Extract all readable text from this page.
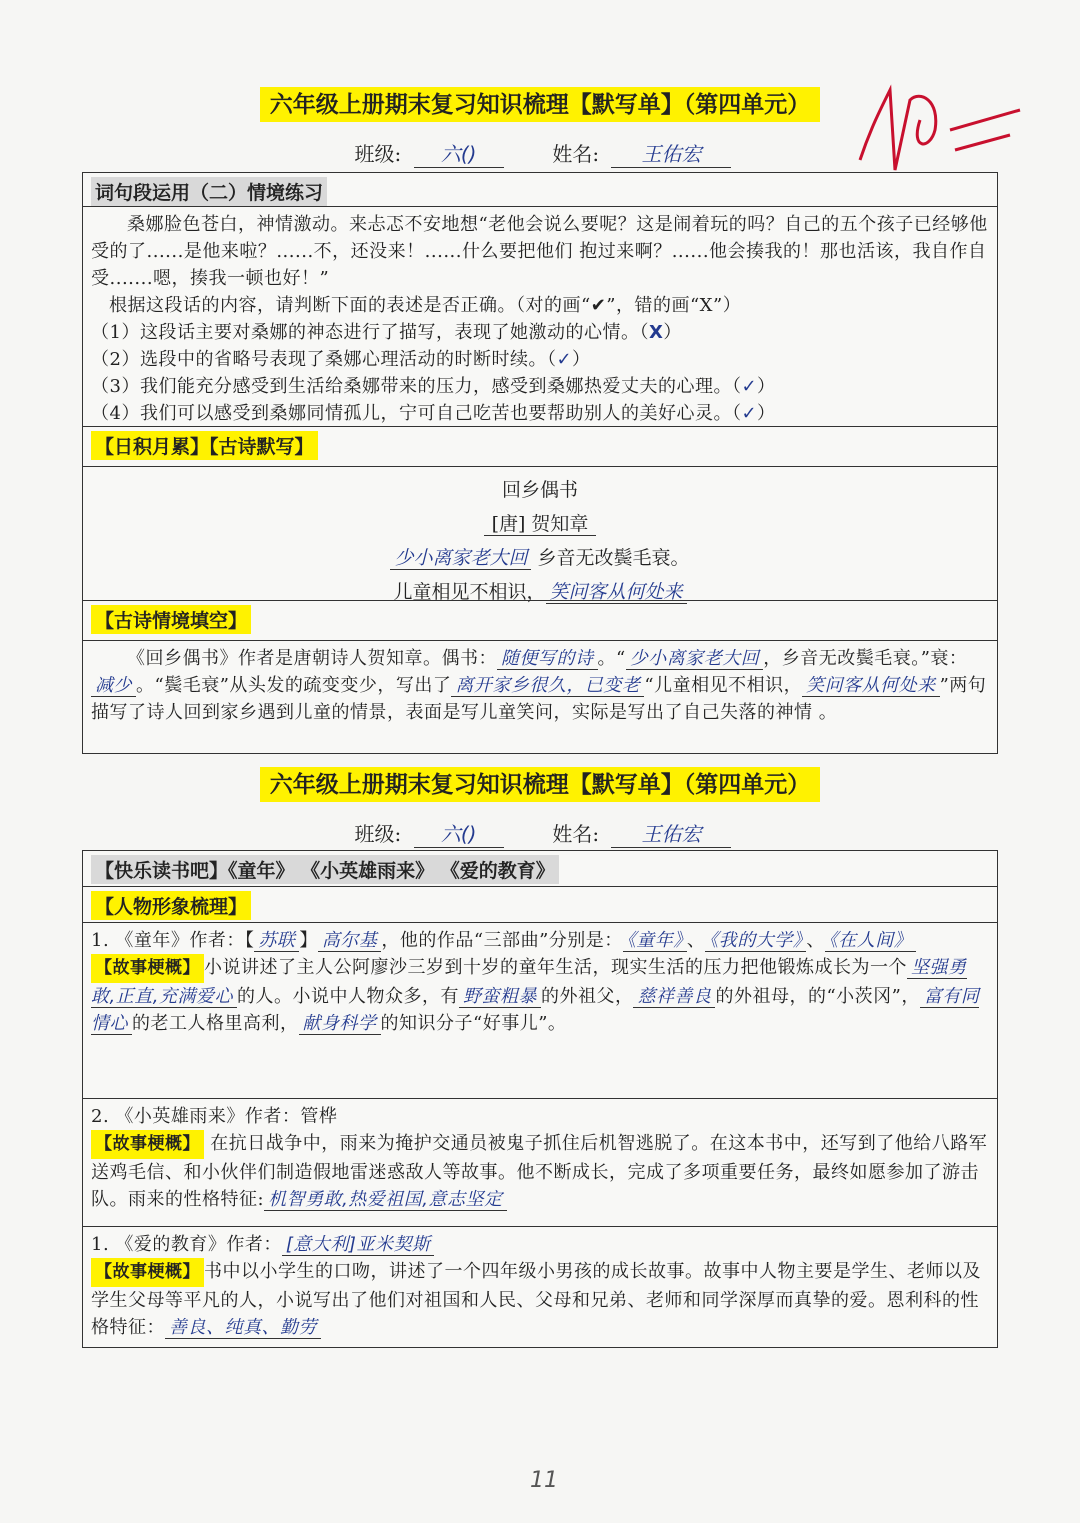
六年级上册期末复习知识梳理【默写单】（第四单元）
班级: 六()	姓名: 王佑宏
词句段运用（二）情境练习
桑娜脸色苍白，神情激动。来忐忑不安地想“老他会说么要呢？这是闹着玩的吗？自己的五个孩子已经够他受的了......是他来啦？......不，还没来！......什么要把他们 抱过来啊？......他会揍我的！那也活该，我自作自受.......嗯，揍我一顿也好！”
根据这段话的内容，请判断下面的表述是否正确。（对的画“✔”，错的画“X”）
（1）这段话主要对桑娜的神态进行了描写，表现了她激动的心情。（X）
（2）选段中的省略号表现了桑娜心理活动的时断时续。（✓）
（3）我们能充分感受到生活给桑娜带来的压力，感受到桑娜热爱丈夫的心理。（✓）
（4）我们可以感受到桑娜同情孤儿，宁可自己吃苦也要帮助别人的美好心灵。（✓）
【日积月累】【古诗默写】
回乡偶书
[唐] 贺知章
少小离家老大回 乡音无改鬓毛衰。
儿童相见不相识， 笑问客从何处来
【古诗情境填空】
《回乡偶书》作者是唐朝诗人贺知章。偶书： 随便写的诗 。“ 少小离家老大回 ，乡音无改鬓毛衰。”衰：减少 。“鬓毛衰”从头发的疏变变少，写出了 离开家乡很久，已变老 “儿童相见不相识， 笑问客从何处来 ”两句描写了诗人回到家乡遇到儿童的情景，表面是写儿童笑问，实际是写出了自己失落的神情 。
六年级上册期末复习知识梳理【默写单】（第四单元）
班级: 六()	姓名: 王佑宏
【快乐读书吧】《童年》 《小英雄雨来》 《爱的教育》
【人物形象梳理】
1. 《童年》作者：【 苏联 】 高尔基 ，他的作品“三部曲”分别是： 《童年》 、 《我的大学》 、 《在人间》
【故事梗概】 小说讲述了主人公阿廖沙三岁到十岁的童年生活，现实生活的压力把他锻炼成长为一个 坚强勇敢,正直,充满爱心 的人。小说中人物众多，有 野蛮粗暴 的外祖父， 慈祥善良 的外祖母，的“小茨冈”， 富有同情心 的老工人格里高利， 献身科学 的知识分子“好事儿”。
2. 《小英雄雨来》作者：管桦
【故事梗概】 在抗日战争中，雨来为掩护交通员被鬼子抓住后机智逃脱了。在这本书中，还写到了他给八路军送鸡毛信、和小伙伴们制造假地雷迷惑敌人等故事。他不断成长，完成了多项重要任务，最终如愿参加了游击队。雨来的性格特征: 机智勇敢,热爱祖国,意志坚定
1. 《爱的教育》作者： [意大利]亚米契斯
【故事梗概】 书中以小学生的口吻，讲述了一个四年级小男孩的成长故事。故事中人物主要是学生、老师以及学生父母等平凡的人，小说写出了他们对祖国和人民、父母和兄弟、老师和同学深厚而真挚的爱。恩利科的性格特征： 善良、纯真、勤劳
11
